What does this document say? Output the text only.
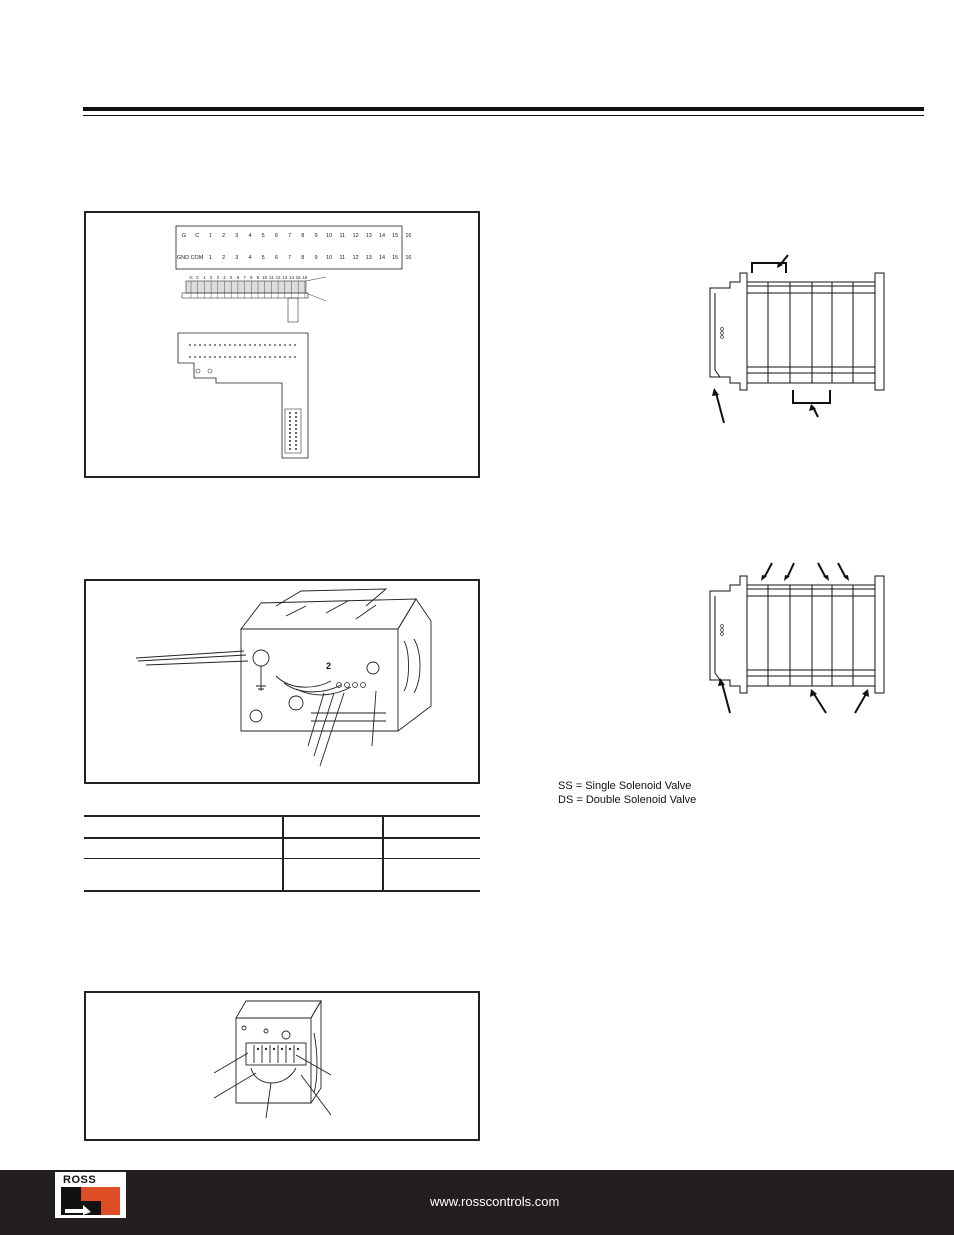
G C 1 2 3 4 5 6 7 8 9 10 11 12 13 14 15 16
GND COM 1 2 3 4 5 6 7 8 9 10 11 12 13 14 15 16
G C 1 2 3 4 5 6 7 8 9 10 11 12 13 14 15 16
2

SS = Single Solenoid Valve
DS = Double Solenoid Valve
ROSS
www.rosscontrols.com
